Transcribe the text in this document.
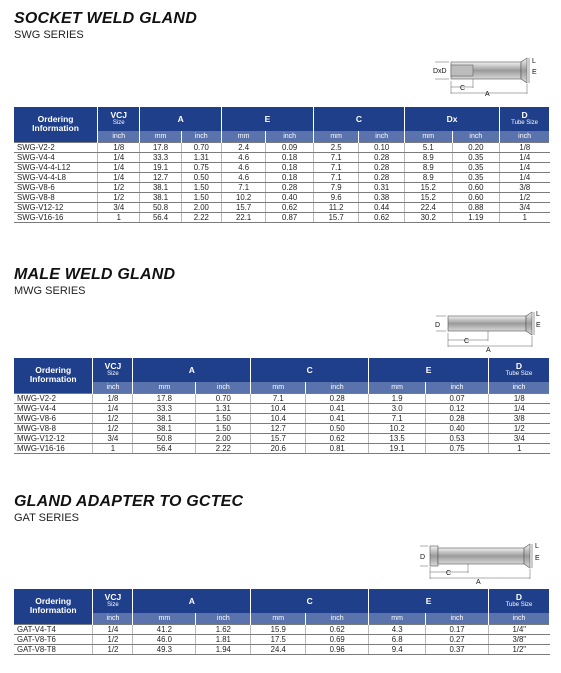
SOCKET WELD GLAND
SWG SERIES
DxD
C
A
L
E
Ordering Information	VCJ
Size	A		E		C		Dx		D
Tube Size

	inch	mm	inch	mm	inch	mm	inch	mm	inch	inch
SWG-V2-2	1/8	17.8	0.70	2.4	0.09	2.5	0.10	5.1	0.20	1/8
SWG-V4-4	1/4	33.3	1.31	4.6	0.18	7.1	0.28	8.9	0.35	1/4
SWG-V4-4-L12	1/4	19.1	0.75	4.6	0.18	7.1	0.28	8.9	0.35	1/4
SWG-V4-4-L8	1/4	12.7	0.50	4.6	0.18	7.1	0.28	8.9	0.35	1/4
SWG-V8-6	1/2	38.1	1.50	7.1	0.28	7.9	0.31	15.2	0.60	3/8
SWG-V8-8	1/2	38.1	1.50	10.2	0.40	9.6	0.38	15.2	0.60	1/2
SWG-V12-12	3/4	50.8	2.00	15.7	0.62	11.2	0.44	22.4	0.88	3/4
SWG-V16-16	1	56.4	2.22	22.1	0.87	15.7	0.62	30.2	1.19	1
MALE WELD GLAND
MWG SERIES
D
C
A
L
E
Ordering Information	VCJ
Size	A		C		E		D
Tube Size

	inch	mm	inch	mm	inch	mm	inch	inch
MWG-V2-2	1/8	17.8	0.70	7.1	0.28	1.9	0.07	1/8
MWG-V4-4	1/4	33.3	1.31	10.4	0.41	3.0	0.12	1/4
MWG-V8-6	1/2	38.1	1.50	10.4	0.41	7.1	0.28	3/8
MWG-V8-8	1/2	38.1	1.50	12.7	0.50	10.2	0.40	1/2
MWG-V12-12	3/4	50.8	2.00	15.7	0.62	13.5	0.53	3/4
MWG-V16-16	1	56.4	2.22	20.6	0.81	19.1	0.75	1
GLAND ADAPTER TO GCTEC
GAT SERIES
D
C
A
L
E
Ordering Information	VCJ
Size	A		C		E		D
Tube Size

	inch	mm	inch	mm	inch	mm	inch	inch
GAT-V4-T4	1/4	41.2	1.62	15.9	0.62	4.3	0.17	1/4"
GAT-V8-T6	1/2	46.0	1.81	17.5	0.69	6.8	0.27	3/8"
GAT-V8-T8	1/2	49.3	1.94	24.4	0.96	9.4	0.37	1/2"
